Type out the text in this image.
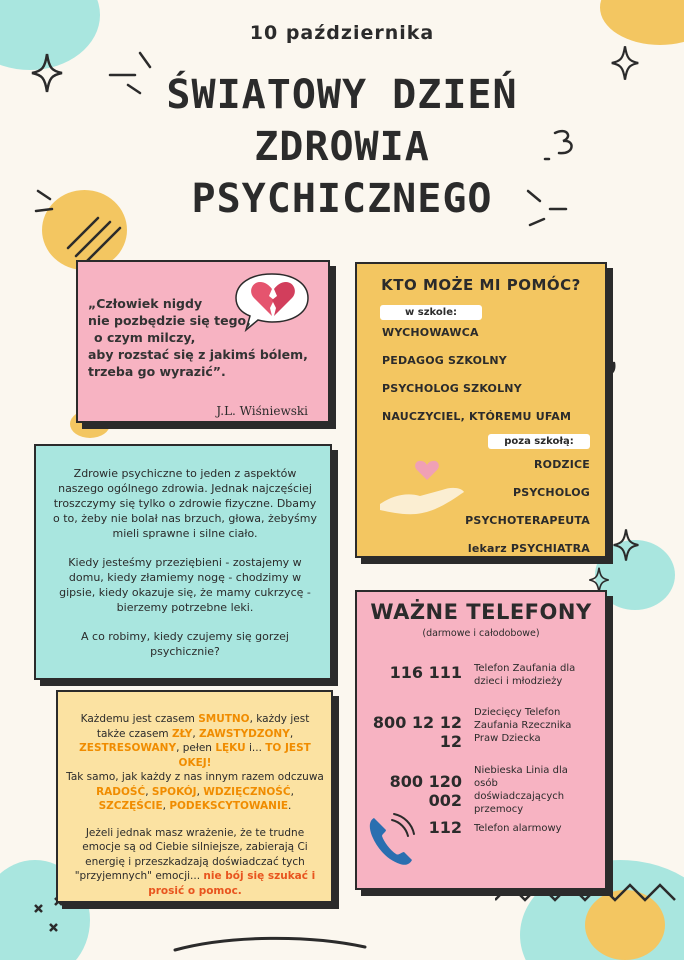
10 października
ŚWIATOWY DZIEŃ
ZDROWIA
PSYCHICZNEGO
„Człowiek nigdy
nie pozbędzie się tego,
o czym milczy,
aby rozstać się z jakimś bólem,
trzeba go wyrazić”.
J.L. Wiśniewski

Zdrowie psychiczne to jeden z aspektów naszego ogólnego zdrowia. Jednak najczęściej troszczymy się tylko o zdrowie fizyczne. Dbamy o to, żeby nie bolał nas brzuch, głowa, żebyśmy mieli sprawne i silne ciało.

Kiedy jesteśmy przeziębieni - zostajemy w domu, kiedy złamiemy nogę - chodzimy w gipsie, kiedy okazuje się, że mamy cukrzycę - bierzemy potrzebne leki.

A co robimy, kiedy czujemy się gorzej psychicznie?

Każdemu jest czasem SMUTNO, każdy jest także czasem ZŁY, ZAWSTYDZONY, ZESTRESOWANY, pełen LĘKU i... TO JEST OKEJ!

Tak samo, jak każdy z nas innym razem odczuwa RADOŚĆ, SPOKÓJ, WDZIĘCZNOŚĆ, SZCZĘŚCIE, PODEKSCYTOWANIE.

Jeżeli jednak masz wrażenie, że te trudne emocje są od Ciebie silniejsze, zabierają Ci energię i przeszkadzają doświadczać tych "przyjemnych" emocji... nie bój się szukać i prosić o pomoc.

KTO MOŻE MI POMÓC?
w szkole:
WYCHOWAWCA
PEDAGOG SZKOLNY
PSYCHOLOG SZKOLNY
NAUCZYCIEL, KTÓREMU UFAM
poza szkołą:
RODZICE
PSYCHOLOG
PSYCHOTERAPEUTA
lekarz PSYCHIATRA
WAŻNE TELEFONY
(darmowe i całodobowe)
116 111 Telefon Zaufania dla dzieci i młodzieży
800 12 12 12
Dziecięcy Telefon Zaufania Rzecznika Praw Dziecka
800 120 002
Niebieska Linia dla osób doświadczających przemocy
112 Telefon alarmowy
